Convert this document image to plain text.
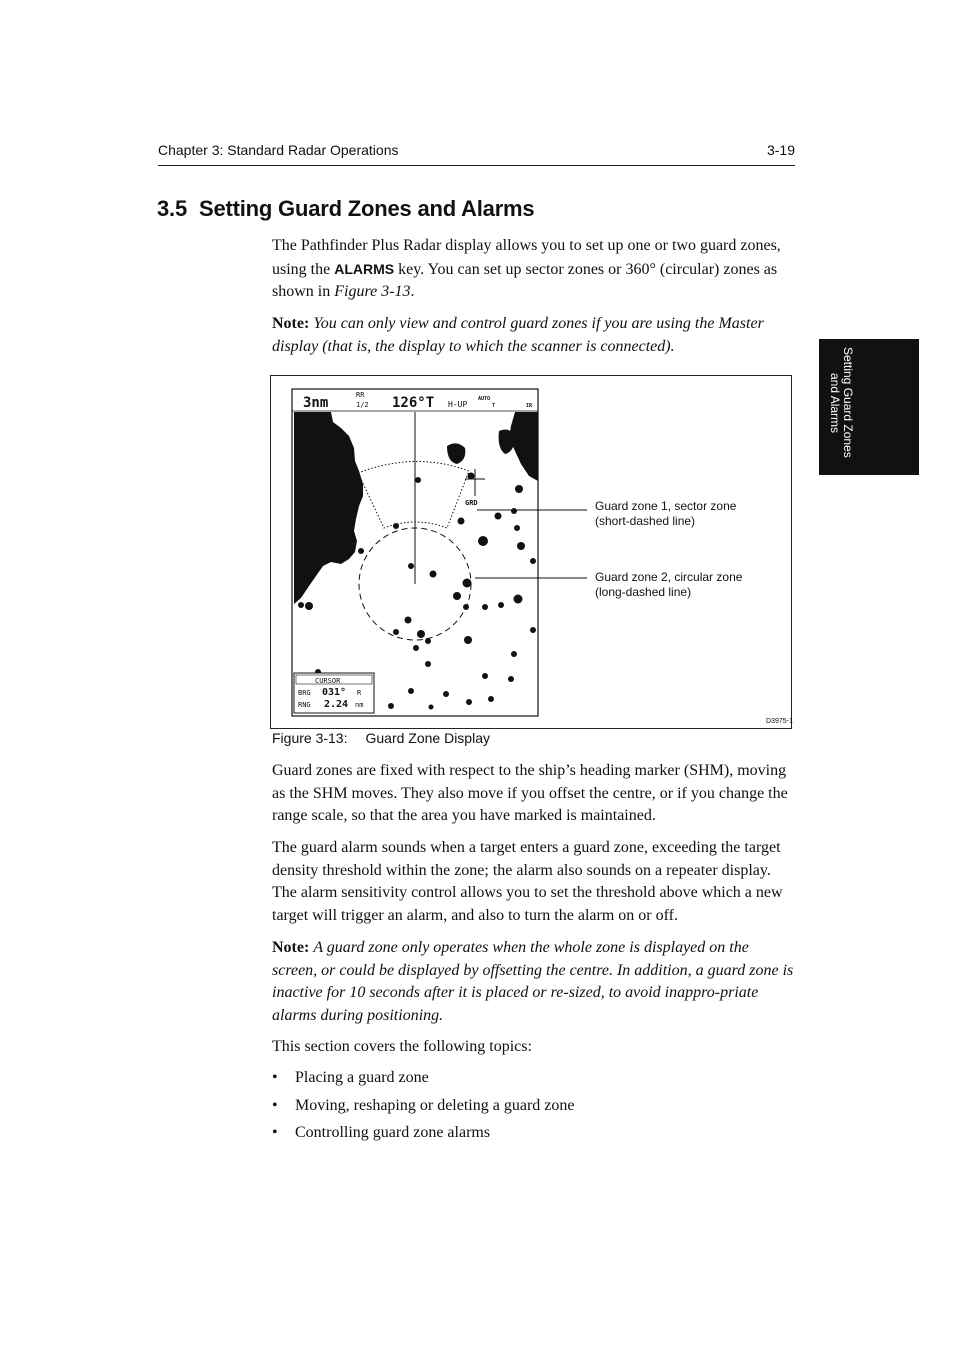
Chapter 3: Standard Radar Operations	3-19
Setting Guard Zones
and Alarms
3.5 Setting Guard Zones and Alarms

The Pathfinder Plus Radar display allows you to set up one or two guard zones, using the ALARMS key. You can set up sector zones or 360° (circular) zones as shown in Figure 3-13.

Note: You can only view and control guard zones if you are using the Master display (that is, the display to which the scanner is connected).

3nm	RR
1/2 126°T H-UP
AUTO
T	IR
GRD
CURSOR
BRG 031° R
RNG 2.24 nm
Guard zone 1, sector zone
(short-dashed line)
Guard zone 2, circular zone
(long-dashed line)
D3975-1
Figure 3-13: Guard Zone Display

Guard zones are fixed with respect to the ship’s heading marker (SHM), moving as the SHM moves. They also move if you offset the centre, or if you change the range scale, so that the area you have marked is maintained.

The guard alarm sounds when a target enters a guard zone, exceeding the target density threshold within the zone; the alarm also sounds on a repeater display. The alarm sensitivity control allows you to set the threshold above which a new target will trigger an alarm, and also to turn the alarm on or off.

Note: A guard zone only operates when the whole zone is displayed on the screen, or could be displayed by offsetting the centre. In addition, a guard zone is inactive for 10 seconds after it is placed or re-sized, to avoid inappro-priate alarms during positioning.

This section covers the following topics:

• Placing a guard zone
• Moving, reshaping or deleting a guard zone
• Controlling guard zone alarms
